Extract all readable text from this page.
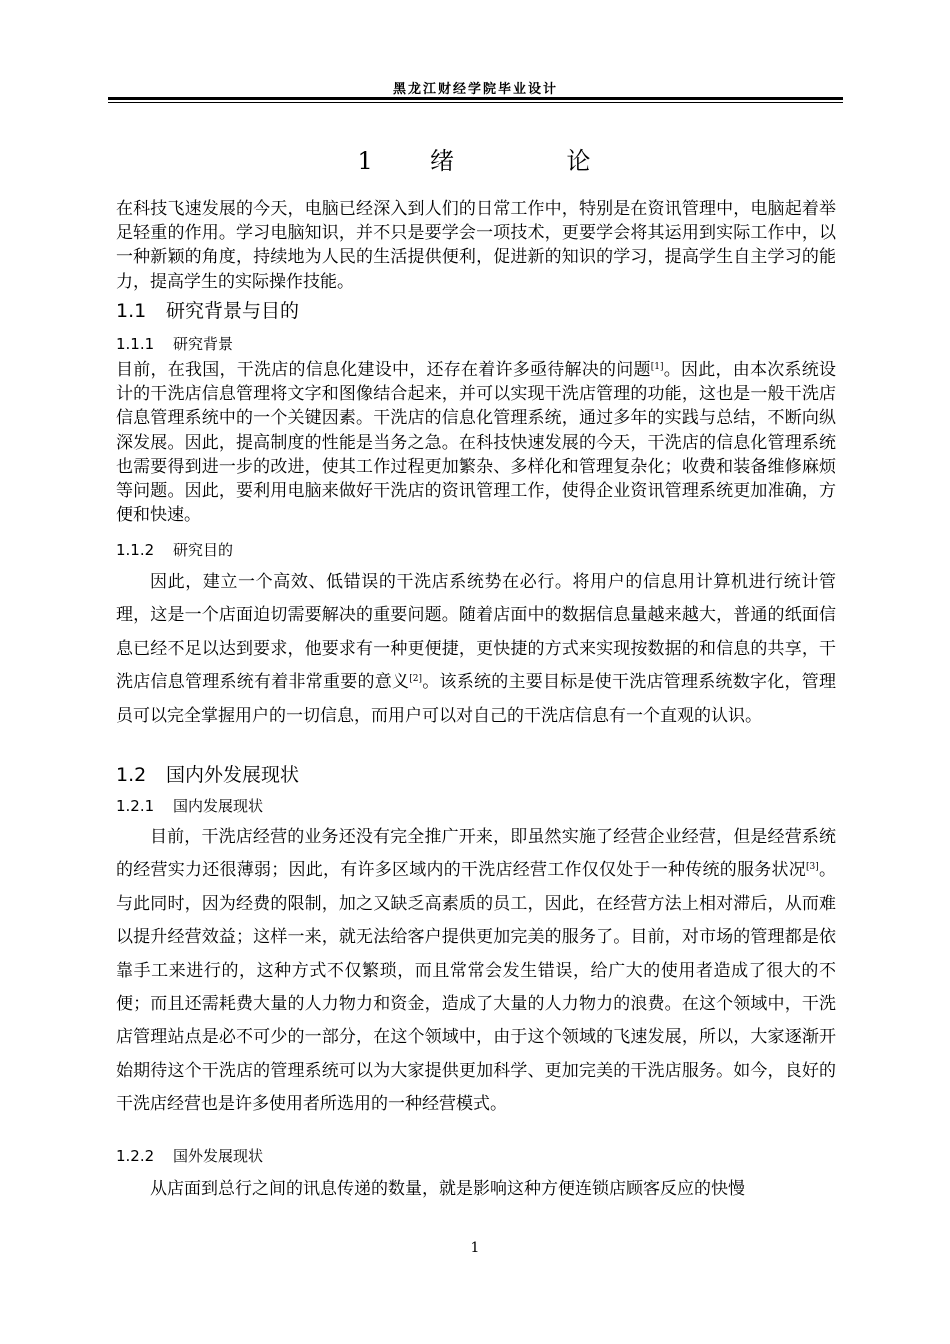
黑龙江财经学院毕业设计
1  绪    论

在科技飞速发展的今天，电脑已经深入到人们的日常工作中，特别是在资讯管理中，电脑起着举足轻重的作用。学习电脑知识，并不只是要学会一项技术，更要学会将其运用到实际工作中，以一种新颖的角度，持续地为人民的生活提供便利，促进新的知识的学习，提高学生自主学习的能力，提高学生的实际操作技能。

1.1 研究背景与目的
1.1.1 研究背景

目前，在我国，干洗店的信息化建设中，还存在着许多亟待解决的问题[1]。因此，由本次系统设计的干洗店信息管理将文字和图像结合起来，并可以实现干洗店管理的功能，这也是一般干洗店信息管理系统中的一个关键因素。干洗店的信息化管理系统，通过多年的实践与总结，不断向纵深发展。因此，提高制度的性能是当务之急。在科技快速发展的今天，干洗店的信息化管理系统也需要得到进一步的改进，使其工作过程更加繁杂、多样化和管理复杂化；收费和装备维修麻烦等问题。因此，要利用电脑来做好干洗店的资讯管理工作，使得企业资讯管理系统更加准确，方便和快速。

1.1.2 研究目的

因此，建立一个高效、低错误的干洗店系统势在必行。将用户的信息用计算机进行统计管理，这是一个店面迫切需要解决的重要问题。随着店面中的数据信息量越来越大，普通的纸面信息已经不足以达到要求，他要求有一种更便捷，更快捷的方式来实现按数据的和信息的共享，干洗店信息管理系统有着非常重要的意义[2]。该系统的主要目标是使干洗店管理系统数字化，管理员可以完全掌握用户的一切信息，而用户可以对自己的干洗店信息有一个直观的认识。

1.2 国内外发展现状
1.2.1 国内发展现状

目前，干洗店经营的业务还没有完全推广开来，即虽然实施了经营企业经营，但是经营系统的经营实力还很薄弱；因此，有许多区域内的干洗店经营工作仅仅处于一种传统的服务状况[3]。与此同时，因为经费的限制，加之又缺乏高素质的员工，因此，在经营方法上相对滞后，从而难以提升经营效益；这样一来，就无法给客户提供更加完美的服务了。目前，对市场的管理都是依靠手工来进行的，这种方式不仅繁琐，而且常常会发生错误，给广大的使用者造成了很大的不便；而且还需耗费大量的人力物力和资金，造成了大量的人力物力的浪费。在这个领域中，干洗店管理站点是必不可少的一部分，在这个领域中，由于这个领域的飞速发展，所以，大家逐渐开始期待这个干洗店的管理系统可以为大家提供更加科学、更加完美的干洗店服务。如今，良好的干洗店经营也是许多使用者所选用的一种经营模式。

1.2.2 国外发展现状

从店面到总行之间的讯息传递的数量，就是影响这种方便连锁店顾客反应的快慢

1
